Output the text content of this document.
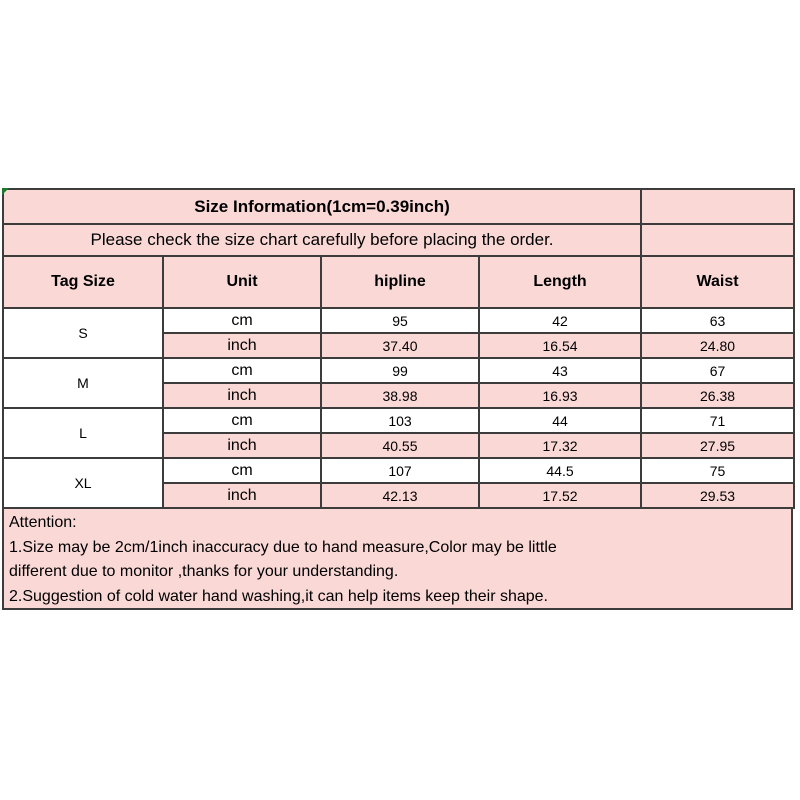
Size Information(1cm=0.39inch)				
Please check the size chart carefully before placing the order.				
Tag Size	Unit	hipline	Length	Waist
S	cm	95	42	63
	inch	37.40	16.54	24.80
M	cm	99	43	67
	inch	38.98	16.93	26.38
L	cm	103	44	71
	inch	40.55	17.32	27.95
XL	cm	107	44.5	75
	inch	42.13	17.52	29.53
Attention:
1.Size may be 2cm/1inch inaccuracy due to hand measure,Color may be little
different due to monitor ,thanks for your understanding.
2.Suggestion of cold water hand washing,it can help items keep their shape.
